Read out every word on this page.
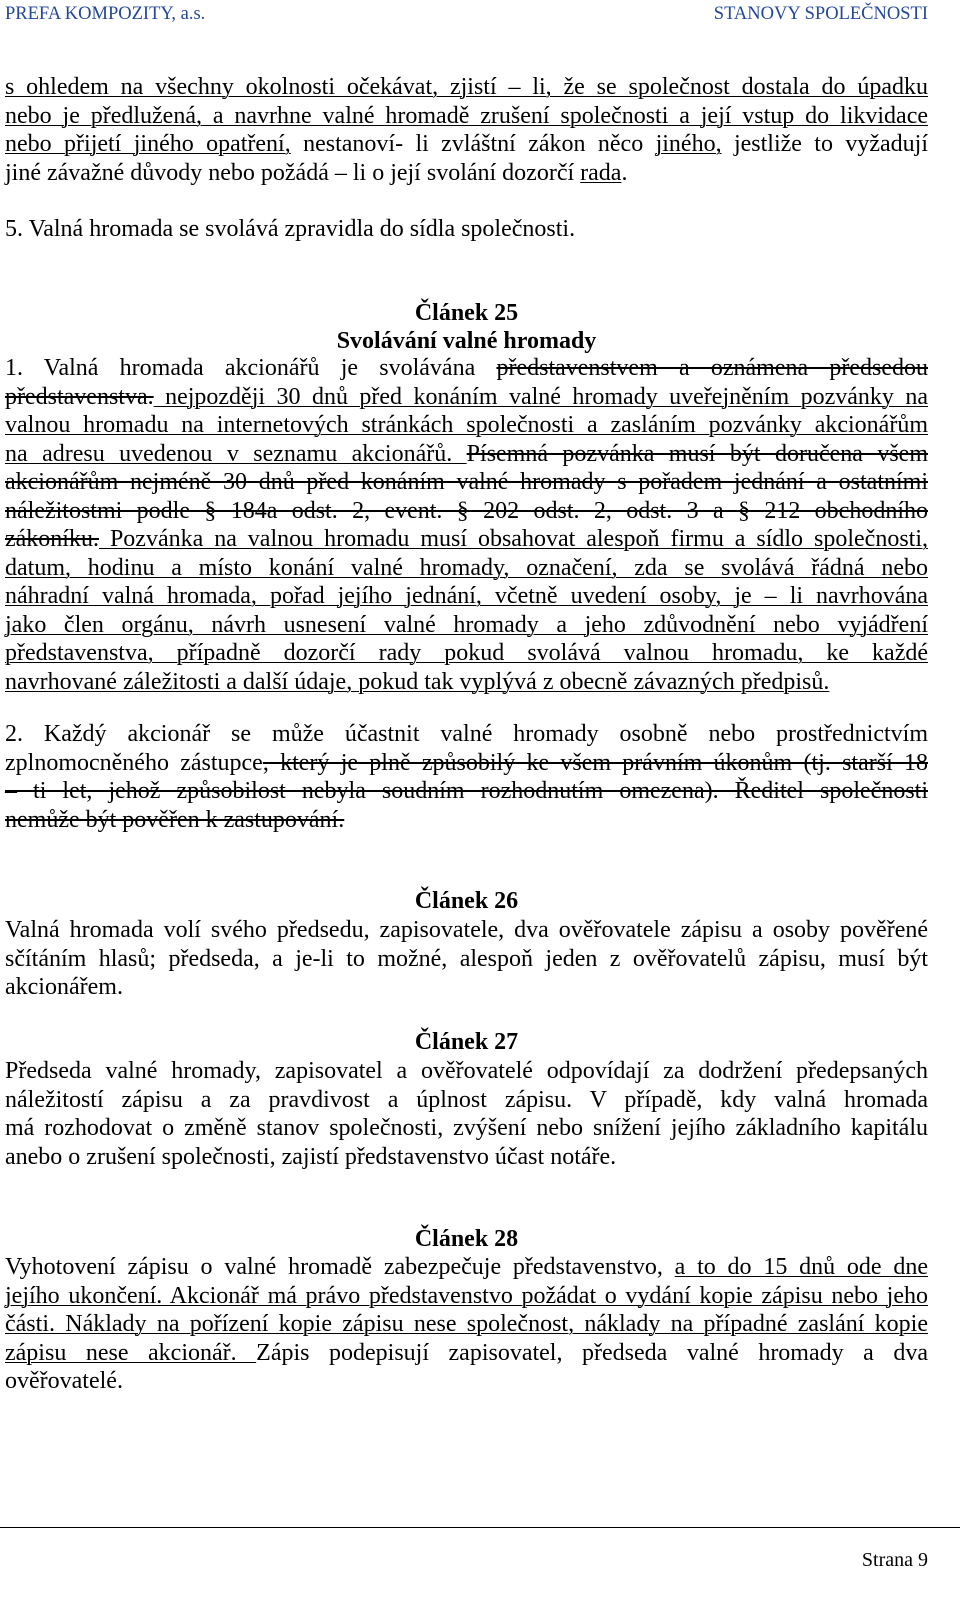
PREFA KOMPOZITY, a.s.	STANOVY SPOLEČNOSTI
s ohledem na všechny okolnosti očekávat, zjistí – li, že se společnost dostala do úpadku
nebo je předlužená, a navrhne valné hromadě zrušení společnosti a její vstup do likvidace
nebo přijetí jiného opatření, nestanoví- li zvláštní zákon něco jiného, jestliže to vyžadují
jiné závažné důvody nebo požádá – li o její svolání dozorčí rada.
5. Valná hromada se svolává zpravidla do sídla společnosti.
Článek 25
Svolávání valné hromady
1. Valná hromada akcionářů je svolávána představenstvem a oznámena předsedou
představenstva. nejpozději 30 dnů před konáním valné hromady uveřejněním pozvánky na
valnou hromadu na internetových stránkách společnosti a zasláním pozvánky akcionářům
na adresu uvedenou v seznamu akcionářů. Písemná pozvánka musí být doručena všem
akcionářům nejméně 30 dnů před konáním valné hromady s pořadem jednání a ostatními
náležitostmi podle § 184a odst. 2, event. § 202 odst. 2, odst. 3 a § 212 obchodního
zákoníku. Pozvánka na valnou hromadu musí obsahovat alespoň firmu a sídlo společnosti,
datum, hodinu a místo konání valné hromady, označení, zda se svolává řádná nebo
náhradní valná hromada, pořad jejího jednání, včetně uvedení osoby, je – li navrhována
jako člen orgánu, návrh usnesení valné hromady a jeho zdůvodnění nebo vyjádření
představenstva, případně dozorčí rady pokud svolává valnou hromadu, ke každé
navrhované záležitosti a další údaje, pokud tak vyplývá z obecně závazných předpisů.
2. Každý akcionář se může účastnit valné hromady osobně nebo prostřednictvím
zplnomocněného zástupce, který je plně způsobilý ke všem právním úkonům (tj. starší 18
– ti let, jehož způsobilost nebyla soudním rozhodnutím omezena). Ředitel společnosti
nemůže být pověřen k zastupování.
Článek 26
Valná hromada volí svého předsedu, zapisovatele, dva ověřovatele zápisu a osoby pověřené
sčítáním hlasů; předseda, a je-li to možné, alespoň jeden z ověřovatelů zápisu, musí být
akcionářem.
Článek 27
Předseda valné hromady, zapisovatel a ověřovatelé odpovídají za dodržení předepsaných
náležitostí zápisu a za pravdivost a úplnost zápisu. V případě, kdy valná hromada
má rozhodovat o změně stanov společnosti, zvýšení nebo snížení jejího základního kapitálu
anebo o zrušení společnosti, zajistí představenstvo účast notáře.
Článek 28
Vyhotovení zápisu o valné hromadě zabezpečuje představenstvo, a to do 15 dnů ode dne
jejího ukončení. Akcionář má právo představenstvo požádat o vydání kopie zápisu nebo jeho
části. Náklady na pořízení kopie zápisu nese společnost, náklady na případné zaslání kopie
zápisu nese akcionář. Zápis podepisují zapisovatel, předseda valné hromady a dva
ověřovatelé.
Strana 9
